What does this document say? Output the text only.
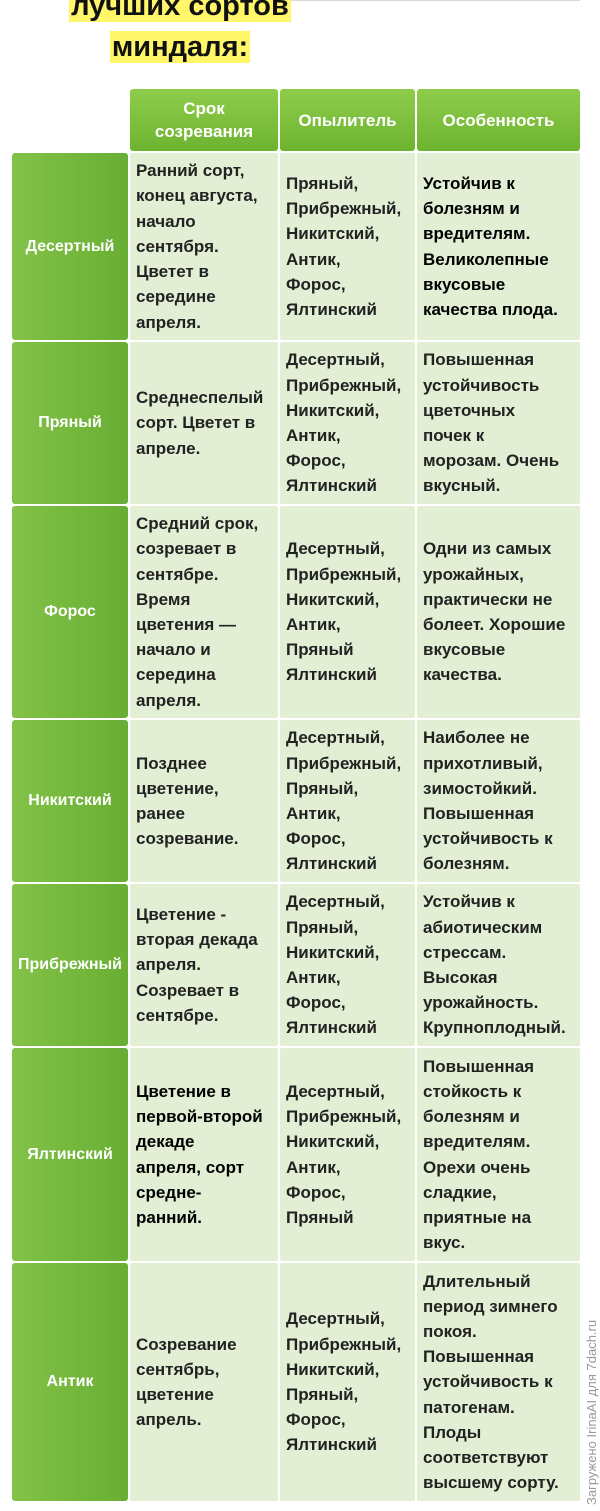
лучших сортов
миндаля:
Срок
созревания
Опылитель	Особенность
Десертный
Ранний сорт,
конец августа,
начало
сентября.
Цветет в
середине
апреля.
Пряный,
Прибрежный,
Никитский,
Антик,
Форос,
Ялтинский
Устойчив к
болезням и
вредителям.
Великолепные
вкусовые
качества плода.
Пряный
Среднеспелый
сорт. Цветет в
апреле.
Десертный,
Прибрежный,
Никитский,
Антик,
Форос,
Ялтинский
Повышенная
устойчивость
цветочных
почек к
морозам. Очень
вкусный.
Форос
Средний срок,
созревает в
сентябре.
Время
цветения —
начало и
середина
апреля.
Десертный,
Прибрежный,
Никитский,
Антик,
Пряный
Ялтинский
Одни из самых
урожайных,
практически не
болеет. Хорошие
вкусовые
качества.
Никитский
Позднее
цветение,
ранее
созревание.
Десертный,
Прибрежный,
Пряный,
Антик,
Форос,
Ялтинский
Наиболее не
прихотливый,
зимостойкий.
Повышенная
устойчивость к
болезням.
Прибрежный
Цветение -
вторая декада
апреля.
Созревает в
сентябре.
Десертный,
Пряный,
Никитский,
Антик,
Форос,
Ялтинский
Устойчив к
абиотическим
стрессам.
Высокая
урожайность.
Крупноплодный.
Ялтинский
Цветение в
первой-второй
декаде
апреля, сорт
средне-
ранний.
Десертный,
Прибрежный,
Никитский,
Антик,
Форос,
Пряный
Повышенная
стойкость к
болезням и
вредителям.
Орехи очень
сладкие,
приятные на
вкус.
Антик
Созревание
сентябрь,
цветение
апрель.
Десертный,
Прибрежный,
Никитский,
Пряный,
Форос,
Ялтинский
Длительный
период зимнего
покоя.
Повышенная
устойчивость к
патогенам.
Плоды
соответствуют
высшему сорту. Загружено IrinaAI для 7dach.ru
